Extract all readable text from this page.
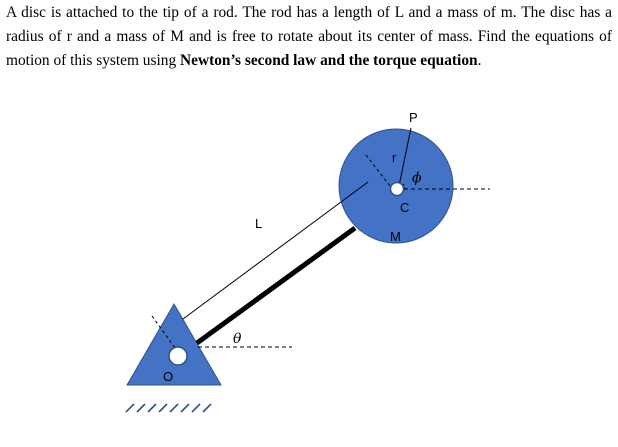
A disc is attached to the tip of a rod. The rod has a length of L and a mass of m. The disc has a radius of r and a mass of M and is free to rotate about its center of mass. Find the equations of motion of this system using Newton’s second law and the torque equation.
L
r
P
ϕ
C
M
θ
O
